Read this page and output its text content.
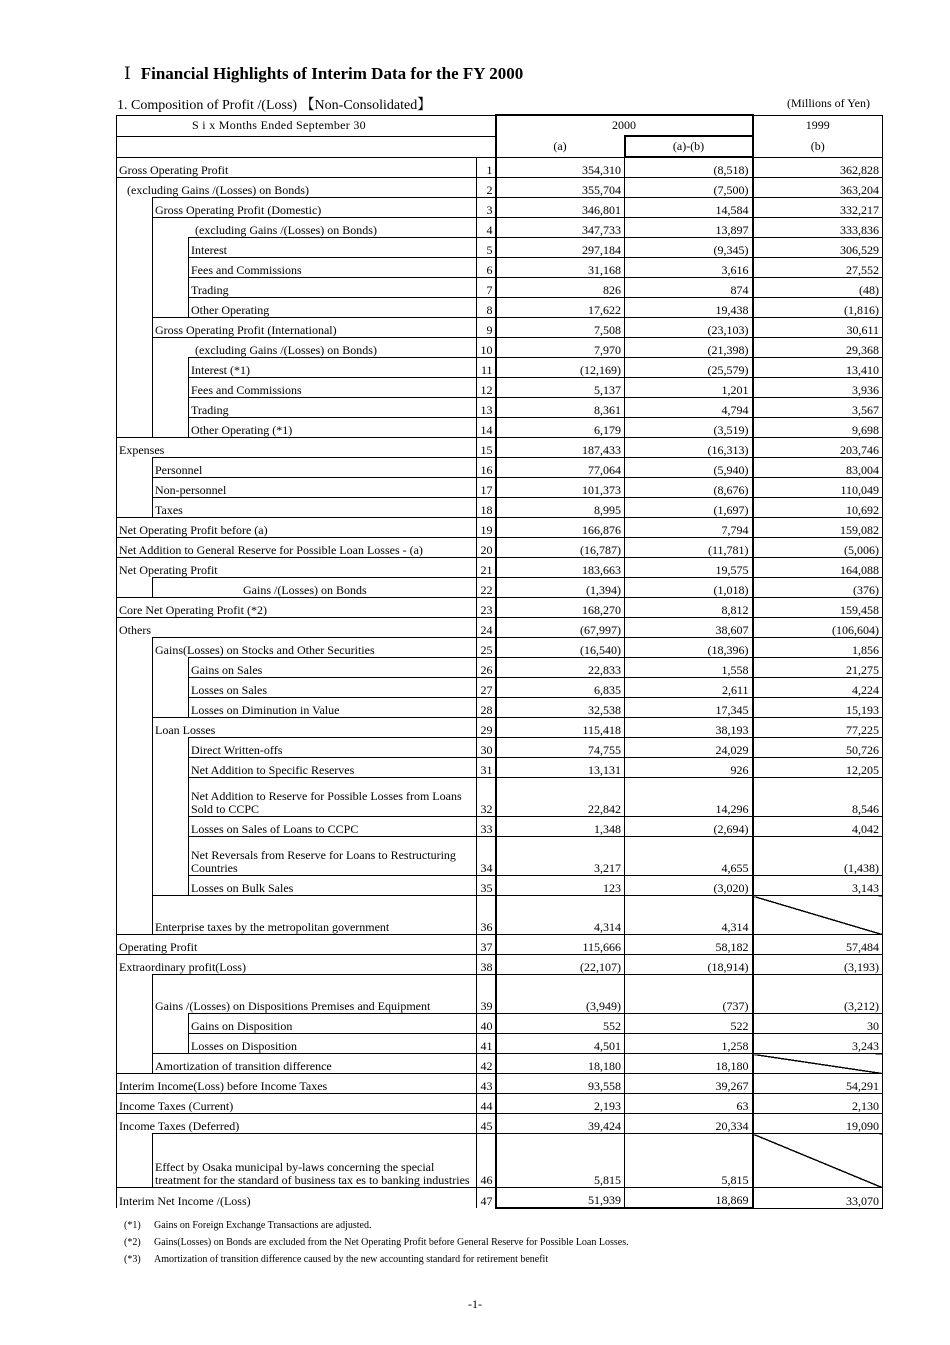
Ⅰ Financial Highlights of Interim Data for the FY 2000
1. Composition of Profit /(Loss) 【Non-Consolidated】	(Millions of Yen)
S i x Months Ended September 30				2000		1999
				(a)	(a)-(b)	(b)
Gross Operating Profit			1	354,310	(8,518)	362,828
(excluding Gains /(Losses) on Bonds)			2	355,704	(7,500)	363,204
	Gross Operating Profit (Domestic)		3	346,801	14,584	332,217
	(excluding Gains /(Losses) on Bonds)		4	347,733	13,897	333,836
		Interest	5	297,184	(9,345)	306,529
		Fees and Commissions	6	31,168	3,616	27,552
		Trading	7	826	874	(48)
		Other Operating	8	17,622	19,438	(1,816)
	Gross Operating Profit (International)		9	7,508	(23,103)	30,611
	(excluding Gains /(Losses) on Bonds)		10	7,970	(21,398)	29,368
		Interest (*1)	11	(12,169)	(25,579)	13,410
		Fees and Commissions	12	5,137	1,201	3,936
		Trading	13	8,361	4,794	3,567
		Other Operating (*1)	14	6,179	(3,519)	9,698
Expenses			15	187,433	(16,313)	203,746
	Personnel		16	77,064	(5,940)	83,004
	Non-personnel		17	101,373	(8,676)	110,049
	Taxes		18	8,995	(1,697)	10,692
Net Operating Profit before (a)			19	166,876	7,794	159,082
Net Addition to General Reserve for Possible Loan Losses - (a)			20	(16,787)	(11,781)	(5,006)
Net Operating Profit			21	183,663	19,575	164,088
	Gains /(Losses) on Bonds		22	(1,394)	(1,018)	(376)
Core Net Operating Profit (*2)			23	168,270	8,812	159,458
Others			24	(67,997)	38,607	(106,604)
	Gains(Losses) on Stocks and Other Securities		25	(16,540)	(18,396)	1,856
		Gains on Sales	26	22,833	1,558	21,275
		Losses on Sales	27	6,835	2,611	4,224
		Losses on Diminution in Value	28	32,538	17,345	15,193
	Loan Losses		29	115,418	38,193	77,225
		Direct Written-offs	30	74,755	24,029	50,726
		Net Addition to Specific Reserves	31	13,131	926	12,205
		Net Addition to Reserve for Possible Losses from Loans Sold to CCPC	32	22,842	14,296	8,546
		Losses on Sales of Loans to CCPC	33	1,348	(2,694)	4,042
		Net Reversals from Reserve for Loans to Restructuring Countries	34	3,217	4,655	(1,438)
		Losses on Bulk Sales	35	123	(3,020)	3,143
	Enterprise taxes by the metropolitan government		36	4,314	4,314	
Operating Profit			37	115,666	58,182	57,484
Extraordinary profit(Loss)			38	(22,107)	(18,914)	(3,193)
	Gains /(Losses) on Dispositions Premises and Equipment		39	(3,949)	(737)	(3,212)
		Gains on Disposition	40	552	522	30
		Losses on Disposition	41	4,501	1,258	3,243
	Amortization of transition difference		42	18,180	18,180	
Interim Income(Loss) before Income Taxes			43	93,558	39,267	54,291
Income Taxes (Current)			44	2,193	63	2,130
Income Taxes (Deferred)			45	39,424	20,334	19,090
	Effect by Osaka municipal by-laws concerning the special treatment for the standard of business tax es to banking industries		46	5,815	5,815	
Interim Net Income /(Loss)			47	51,939	18,869	33,070
(*1) Gains on Foreign Exchange Transactions are adjusted.
(*2) Gains(Losses) on Bonds are excluded from the Net Operating Profit before General Reserve for Possible Loan Losses.
(*3) Amortization of transition difference caused by the new accounting standard for retirement benefit
-1-
